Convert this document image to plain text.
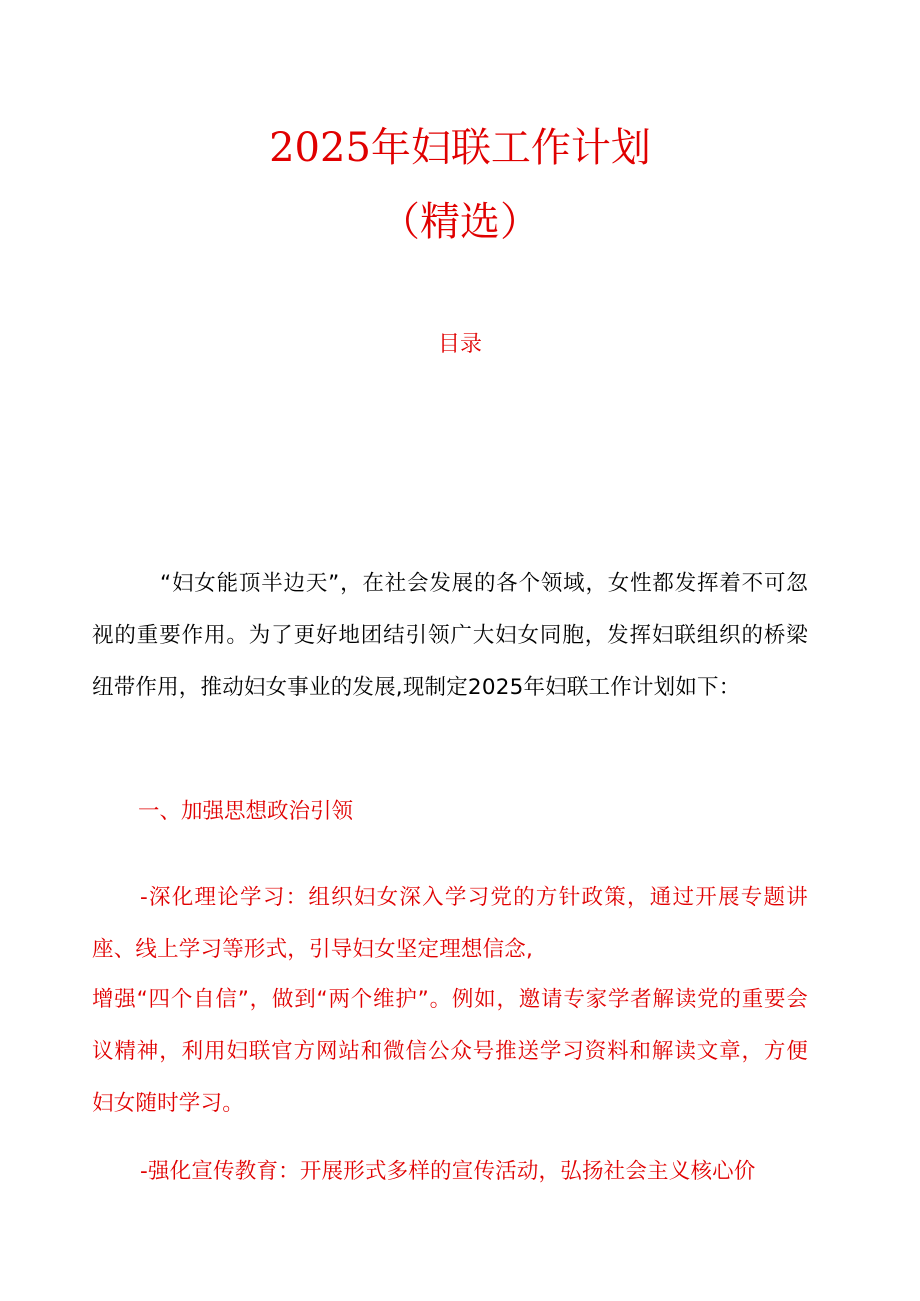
2025年妇联工作计划
（精选）
目录

“妇女能顶半边天”，在社会发展的各个领域，女性都发挥着不可忽视的重要作用。为了更好地团结引领广大妇女同胞，发挥妇联组织的桥梁纽带作用，推动妇女事业的发展,现制定2025年妇联工作计划如下：

一、加强思想政治引领

-深化理论学习：组织妇女深入学习党的方针政策，通过开展专题讲座、线上学习等形式，引导妇女坚定理想信念,

增强“四个自信”，做到“两个维护”。例如，邀请专家学者解读党的重要会议精神，利用妇联官方网站和微信公众号推送学习资料和解读文章，方便妇女随时学习。

-强化宣传教育：开展形式多样的宣传活动，弘扬社会主义核心价
